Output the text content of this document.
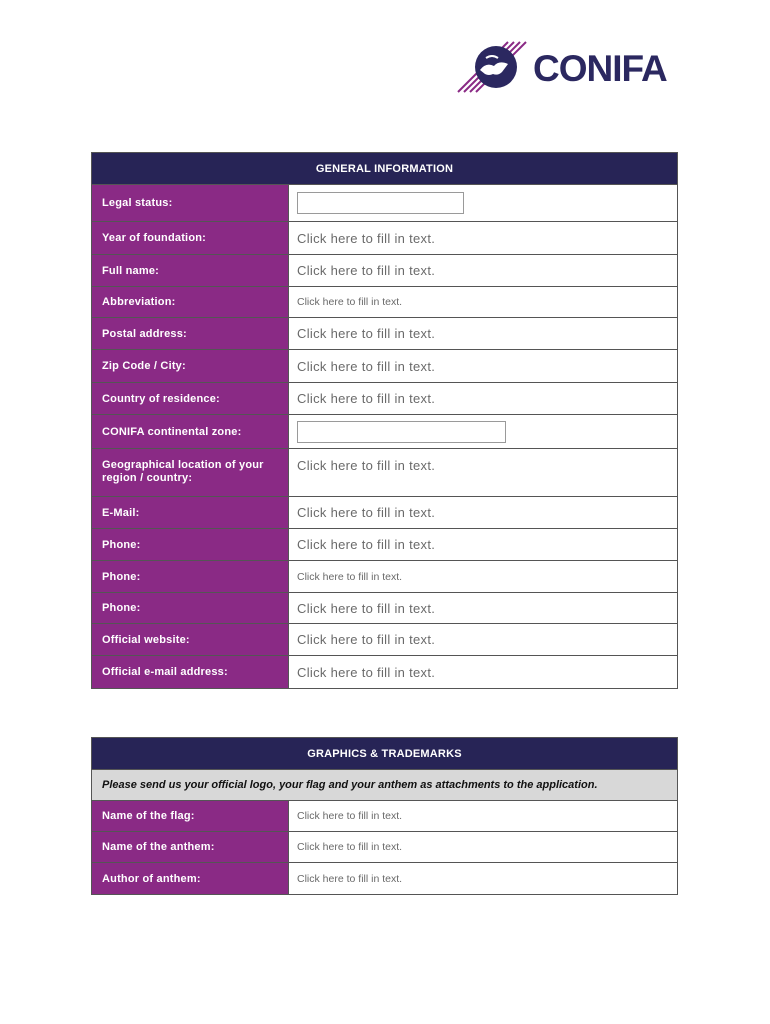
CONIFA
GENERAL INFORMATION
Legal status:
Year of foundation:	Click here to fill in text.
Full name:	Click here to fill in text.
Abbreviation:	Click here to fill in text.
Postal address:	Click here to fill in text.
Zip Code / City:	Click here to fill in text.
Country of residence:	Click here to fill in text.
CONIFA continental zone:
Geographical location of your region / country:
Click here to fill in text.
E-Mail:	Click here to fill in text.
Phone:	Click here to fill in text.
Phone:	Click here to fill in text.
Phone:	Click here to fill in text.
Official website:	Click here to fill in text.
Official e-mail address:	Click here to fill in text.
GRAPHICS & TRADEMARKS
Please send us your official logo, your flag and your anthem as attachments to the application.
Name of the flag:	Click here to fill in text.
Name of the anthem:	Click here to fill in text.
Author of anthem:	Click here to fill in text.
